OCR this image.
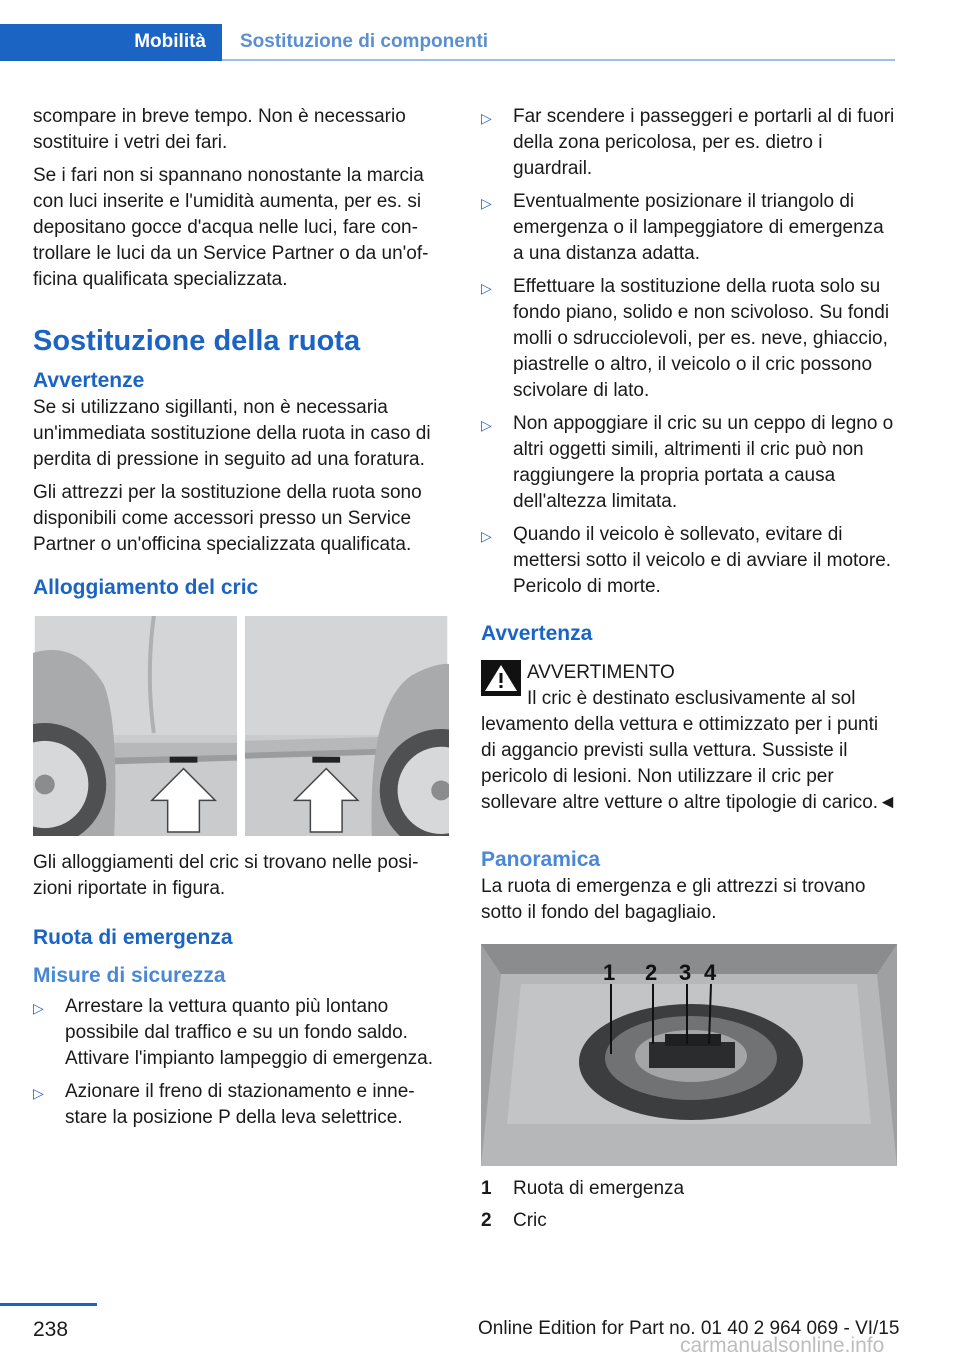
Mobilità Sostituzione di componenti
scompare in breve tempo. Non è necessario sostituire i vetri dei fari.
Se i fari non si spannano nonostante la marcia con luci inserite e l'umidità aumenta, per es. si depositano gocce d'acqua nelle luci, fare controllare le luci da un Service Partner o da un'officina qualificata specializzata.
Sostituzione della ruota
Avvertenze
Se si utilizzano sigillanti, non è necessaria un'immediata sostituzione della ruota in caso di perdita di pressione in seguito ad una foratura.
Gli attrezzi per la sostituzione della ruota sono disponibili come accessori presso un Service Partner o un'officina specializzata qualificata.
Alloggiamento del cric
Gli alloggiamenti del cric si trovano nelle posizioni riportate in figura.
Ruota di emergenza
Misure di sicurezza
▷ Arrestare la vettura quanto più lontano possibile dal traffico e su un fondo saldo. Attivare l'impianto lampeggio di emergenza.
▷ Azionare il freno di stazionamento e innestare la posizione P della leva selettrice.
▷ Far scendere i passeggeri e portarli al di fuori della zona pericolosa, per es. dietro i guardrail.
▷ Eventualmente posizionare il triangolo di emergenza o il lampeggiatore di emergenza a una distanza adatta.
▷ Effettuare la sostituzione della ruota solo su fondo piano, solido e non scivoloso. Su fondi molli o sdrucciolevoli, per es. neve, ghiaccio, piastrelle o altro, il veicolo o il cric possono scivolare di lato.
▷ Non appoggiare il cric su un ceppo di legno o altri oggetti simili, altrimenti il cric può non raggiungere la propria portata a causa dell'altezza limitata.
▷ Quando il veicolo è sollevato, evitare di mettersi sotto il veicolo e di avviare il motore. Pericolo di morte.
Avvertenza
AVVERTIMENTO
Il cric è destinato esclusivamente al sol
levamento della vettura e ottimizzato per i punti di aggancio previsti sulla vettura. Sussiste il pericolo di lesioni. Non utilizzare il cric per sollevare altre vetture o altre tipologie di carico.◄
Panoramica
La ruota di emergenza e gli attrezzi si trovano sotto il fondo del bagagliaio.
1 2 3 4
1	Ruota di emergenza
2	Cric
238	Online Edition for Part no. 01 40 2 964 069 - VI/15
carmanualsonline.info
